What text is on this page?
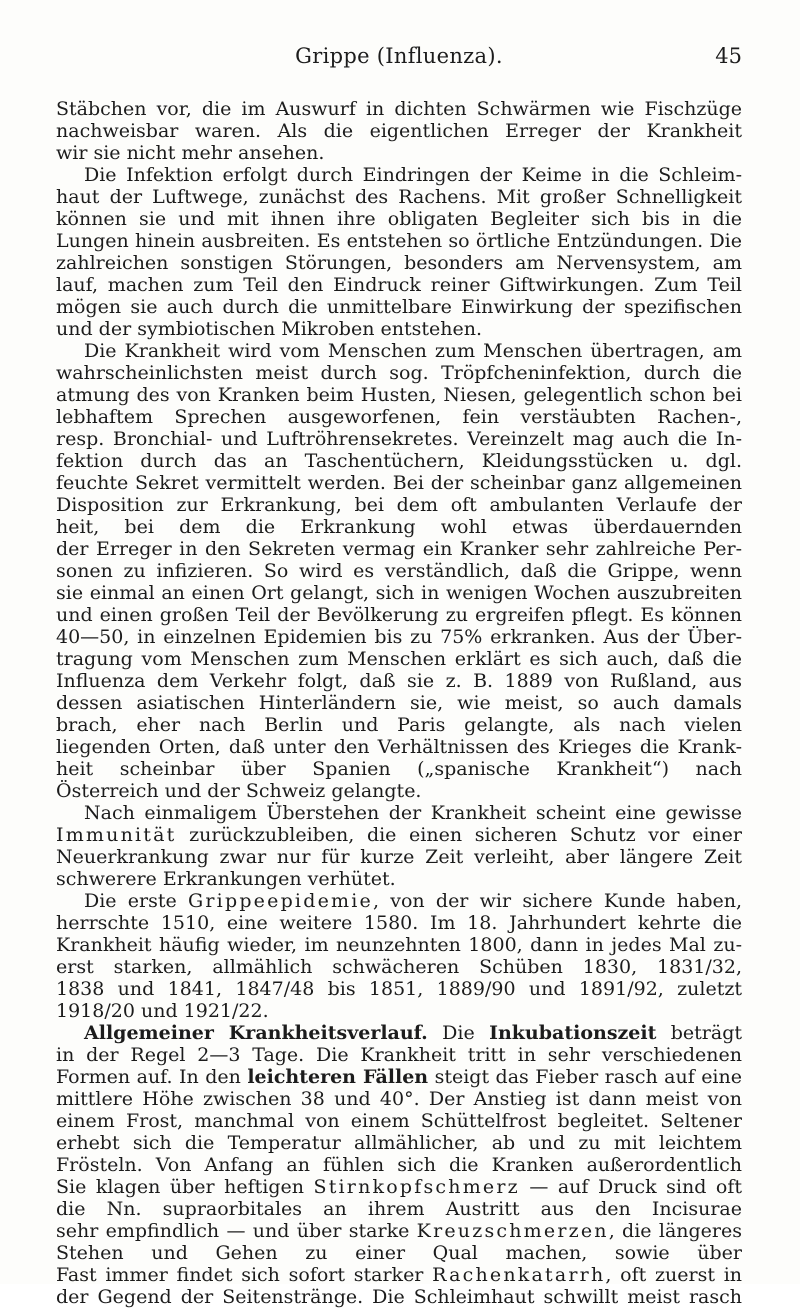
Grippe (Influenza).	45
Stäbchen vor, die im Auswurf in dichten Schwärmen wie Fischzüge
nachweisbar waren. Als die eigentlichen Erreger der Krankheit
wir sie nicht mehr ansehen.
Die Infektion erfolgt durch Eindringen der Keime in die Schleim-
haut der Luftwege, zunächst des Rachens. Mit großer Schnelligkeit
können sie und mit ihnen ihre obligaten Begleiter sich bis in die
Lungen hinein ausbreiten. Es entstehen so örtliche Entzündungen. Die
zahlreichen sonstigen Störungen, besonders am Nervensystem, am
lauf, machen zum Teil den Eindruck reiner Giftwirkungen. Zum Teil
mögen sie auch durch die unmittelbare Einwirkung der spezifischen
und der symbiotischen Mikroben entstehen.
Die Krankheit wird vom Menschen zum Menschen übertragen, am
wahrscheinlichsten meist durch sog. Tröpfcheninfektion, durch die
atmung des von Kranken beim Husten, Niesen, gelegentlich schon bei
lebhaftem Sprechen ausgeworfenen, fein verstäubten Rachen-,
resp. Bronchial- und Luftröhrensekretes. Vereinzelt mag auch die In-
fektion durch das an Taschentüchern, Kleidungsstücken u. dgl.
feuchte Sekret vermittelt werden. Bei der scheinbar ganz allgemeinen
Disposition zur Erkrankung, bei dem oft ambulanten Verlaufe der
heit, bei dem die Erkrankung wohl etwas überdauernden
der Erreger in den Sekreten vermag ein Kranker sehr zahlreiche Per-
sonen zu infizieren. So wird es verständlich, daß die Grippe, wenn
sie einmal an einen Ort gelangt, sich in wenigen Wochen auszubreiten
und einen großen Teil der Bevölkerung zu ergreifen pflegt. Es können
40—50, in einzelnen Epidemien bis zu 75% erkranken. Aus der Über-
tragung vom Menschen zum Menschen erklärt es sich auch, daß die
Influenza dem Verkehr folgt, daß sie z. B. 1889 von Rußland, aus
dessen asiatischen Hinterländern sie, wie meist, so auch damals
brach, eher nach Berlin und Paris gelangte, als nach vielen
liegenden Orten, daß unter den Verhältnissen des Krieges die Krank-
heit scheinbar über Spanien („spanische Krankheit“) nach
Österreich und der Schweiz gelangte.
Nach einmaligem Überstehen der Krankheit scheint eine gewisse
Immunität zurückzubleiben, die einen sicheren Schutz vor einer
Neuerkrankung zwar nur für kurze Zeit verleiht, aber längere Zeit
schwerere Erkrankungen verhütet.
Die erste Grippeepidemie, von der wir sichere Kunde haben,
herrschte 1510, eine weitere 1580. Im 18. Jahrhundert kehrte die
Krankheit häufig wieder, im neunzehnten 1800, dann in jedes Mal zu-
erst starken, allmählich schwächeren Schüben 1830, 1831/32,
1838 und 1841, 1847/48 bis 1851, 1889/90 und 1891/92, zuletzt
1918/20 und 1921/22.
Allgemeiner Krankheitsverlauf. Die Inkubationszeit beträgt
in der Regel 2—3 Tage. Die Krankheit tritt in sehr verschiedenen
Formen auf. In den leichteren Fällen steigt das Fieber rasch auf eine
mittlere Höhe zwischen 38 und 40°. Der Anstieg ist dann meist von
einem Frost, manchmal von einem Schüttelfrost begleitet. Seltener
erhebt sich die Temperatur allmählicher, ab und zu mit leichtem
Frösteln. Von Anfang an fühlen sich die Kranken außerordentlich
Sie klagen über heftigen Stirnkopfschmerz — auf Druck sind oft
die Nn. supraorbitales an ihrem Austritt aus den Incisurae
sehr empfindlich — und über starke Kreuzschmerzen, die längeres
Stehen und Gehen zu einer Qual machen, sowie über
Fast immer findet sich sofort starker Rachenkatarrh, oft zuerst in
der Gegend der Seitenstränge. Die Schleimhaut schwillt meist rasch
